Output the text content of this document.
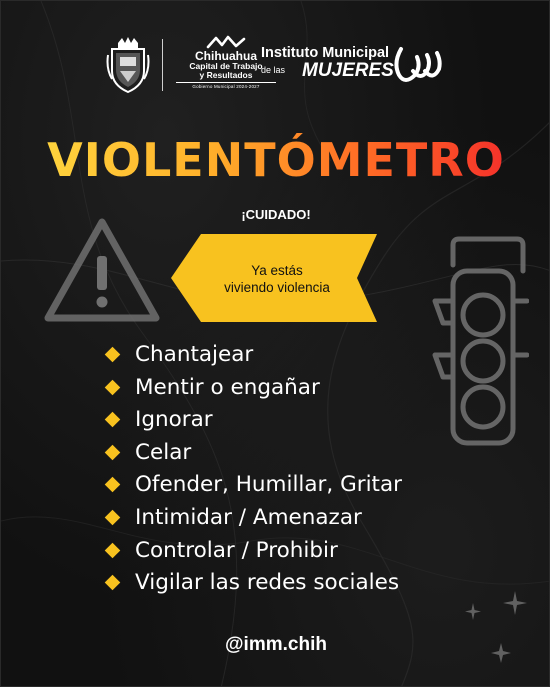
Chihuahua
Capital de Trabajo
y Resultados
Gobierno Municipal 2024-2027
Instituto Municipal
de las MUJERES
VIOLENTÓMETRO
¡CUIDADO!
Ya estás
viviendo violencia
Chantajear
Mentir o engañar
Ignorar
Celar
Ofender, Humillar, Gritar
Intimidar / Amenazar
Controlar / Prohibir
Vigilar las redes sociales
@imm.chih
